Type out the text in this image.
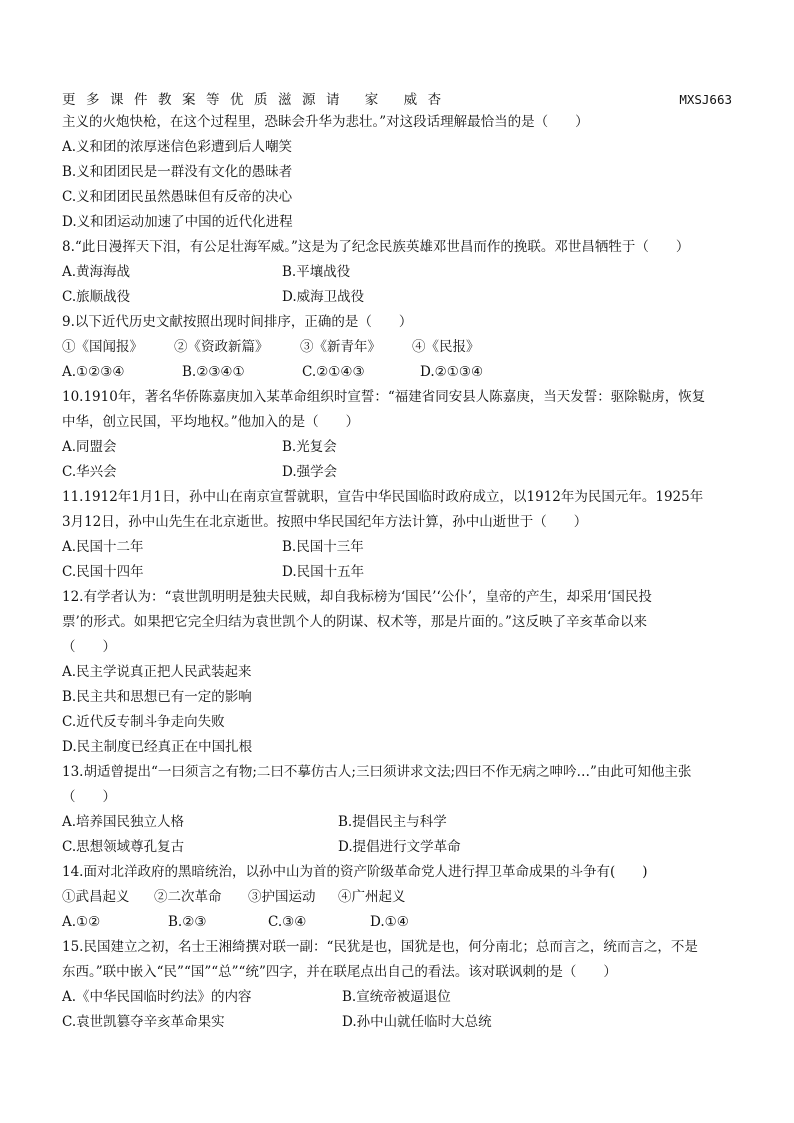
更多课件教案等优质滋源请 家 威杏	MXSJ663
主义的火炮快枪，在这个过程里，恐眛会升华为悲壮。”对这段话理解最恰当的是（　　）
A.义和团的浓厚迷信色彩遭到后人嘲笑
B.义和团团民是一群没有文化的愚昧者
C.义和团团民虽然愚昧但有反帝的决心
D.义和团运动加速了中国的近代化进程
8.“此日漫挥天下泪，有公足壮海军威。”这是为了纪念民族英雄邓世昌而作的挽联。邓世昌牺牲于（　　）
A.黄海海战	B.平壤战役
C.旅顺战役	D.威海卫战役
9.以下近代历史文献按照出现时间排序，正确的是（　　）
①《国闻报》 ②《资政新篇》 ③《新青年》 ④《民报》
A.①②③④	B.②③④①	C.②①④③	D.②①③④
10.1910年，著名华侨陈嘉庚加入某革命组织时宣誓：“福建省同安县人陈嘉庚，当天发誓：驱除鞑虏，恢复
中华，创立民国，平均地权。”他加入的是（　　）
A.同盟会	B.光复会
C.华兴会	D.强学会
11.1912年1月1日，孙中山在南京宣誓就职，宣告中华民国临时政府成立，以1912年为民国元年。1925年
3月12日，孙中山先生在北京逝世。按照中华民国纪年方法计算，孙中山逝世于（　　）
A.民国十二年	B.民国十三年
C.民国十四年	D.民国十五年
12.有学者认为：“袁世凯明明是独夫民贼，却自我标榜为‘国民’‘公仆’，皇帝的产生，却采用‘国民投
票’的形式。如果把它完全归结为袁世凯个人的阴谋、权术等，那是片面的。”这反映了辛亥革命以来
（　　）
A.民主学说真正把人民武装起来
B.民主共和思想已有一定的影响
C.近代反专制斗争走向失败
D.民主制度已经真正在中国扎根
13.胡适曾提出“一曰须言之有物;二曰不摹仿古人;三曰须讲求文法;四曰不作无病之呻吟…”由此可知他主张
（　　）
A.培养国民独立人格	B.提倡民主与科学
C.思想领域尊孔复古	D.提倡进行文学革命
14.面对北洋政府的黑暗统治，以孙中山为首的资产阶级革命党人进行捍卫革命成果的斗争有(　　)
①武昌起义 ②二次革命 ③护国运动 ④广州起义
A.①②	B.②③	C.③④	D.①④
15.民国建立之初，名士王湘绮撰对联一副：“民犹是也，国犹是也，何分南北；总而言之，统而言之，不是
东西。”联中嵌入“民”“国”“总”“统”四字，并在联尾点出自己的看法。该对联讽刺的是（　　）
A.《中华民国临时约法》的内容	B.宣统帝被逼退位
C.袁世凯篡夺辛亥革命果实	D.孙中山就任临时大总统
